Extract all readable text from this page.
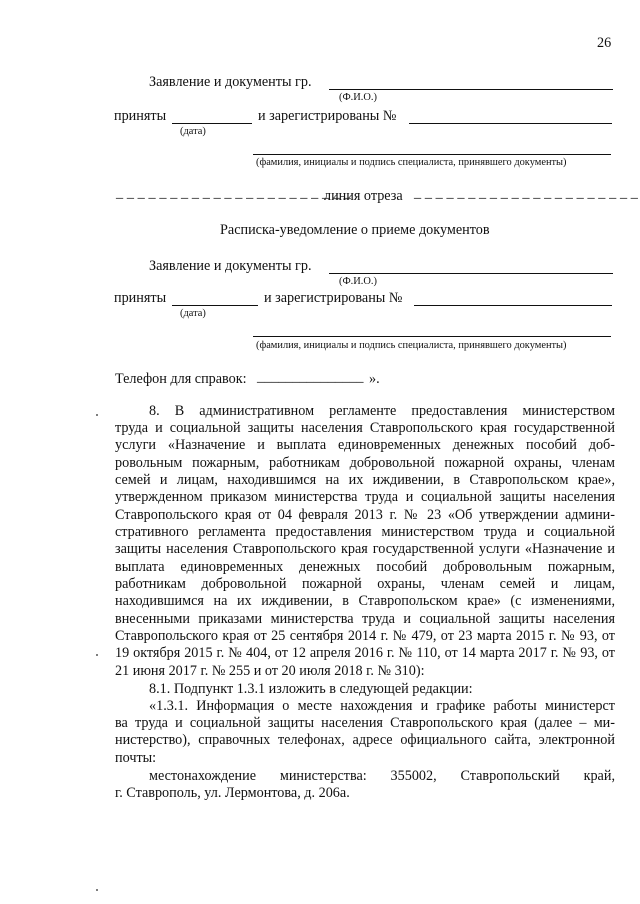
26
Заявление и документы гр.
(Ф.И.О.)
приняты	и зарегистрированы №
(дата)
(фамилия, инициалы и подпись специалиста, принявшего документы)
_ _ _ _ _ _ _ _ _ _ _ _ _ _ _ _ _ _ _ _ _ _
линия отреза _ _ _ _ _ _ _ _ _ _ _ _ _ _ _ _ _ _ _ _ _
Расписка-уведомление о приеме документов
Заявление и документы гр.
(Ф.И.О.)
приняты	и зарегистрированы №
(дата)
(фамилия, инициалы и подпись специалиста, принявшего документы)
Телефон для справок: _______________ ».
8. В административном регламенте предоставления министерством
труда и социальной защиты населения Ставропольского края государственной услуги «Назначение и выплата единовременных денежных пособий добровольным пожарным, работникам добровольной пожарной охраны, членам семей и лицам, находившимся на их иждивении, в Ставропольском крае», утвержденном приказом министерства труда и социальной защиты населения Ставропольского края от 04 февраля 2013 г. № 23 «Об утверждении административного регламента предоставления министерством труда и социальной защиты населения Ставропольского края государственной услуги «Назначение и выплата единовременных денежных пособий добровольным пожарным, работникам добровольной пожарной охраны, членам семей и лицам, находившимся на их иждивении, в Ставропольском крае» (с изменениями, внесенными приказами министерства труда и социальной защиты населения Ставропольского края от 25 сентября 2014 г. № 479, от 23 марта 2015 г. № 93, от 19 октября 2015 г. № 404, от 12 апреля 2016 г. № 110, от 14 марта 2017 г. № 93, от 21 июня 2017 г. № 255 и от 20 июля 2018 г. № 310):
8.1. Подпункт 1.3.1 изложить в следующей редакции:
«1.3.1. Информация о месте нахождения и графике работы министерст
ва труда и социальной защиты населения Ставропольского края (далее – министерство), справочных телефонах, адресе официального сайта, электронной почты:
местонахождение министерства: 355002, Ставропольский край,
г. Ставрополь, ул. Лермонтова, д. 206а.
